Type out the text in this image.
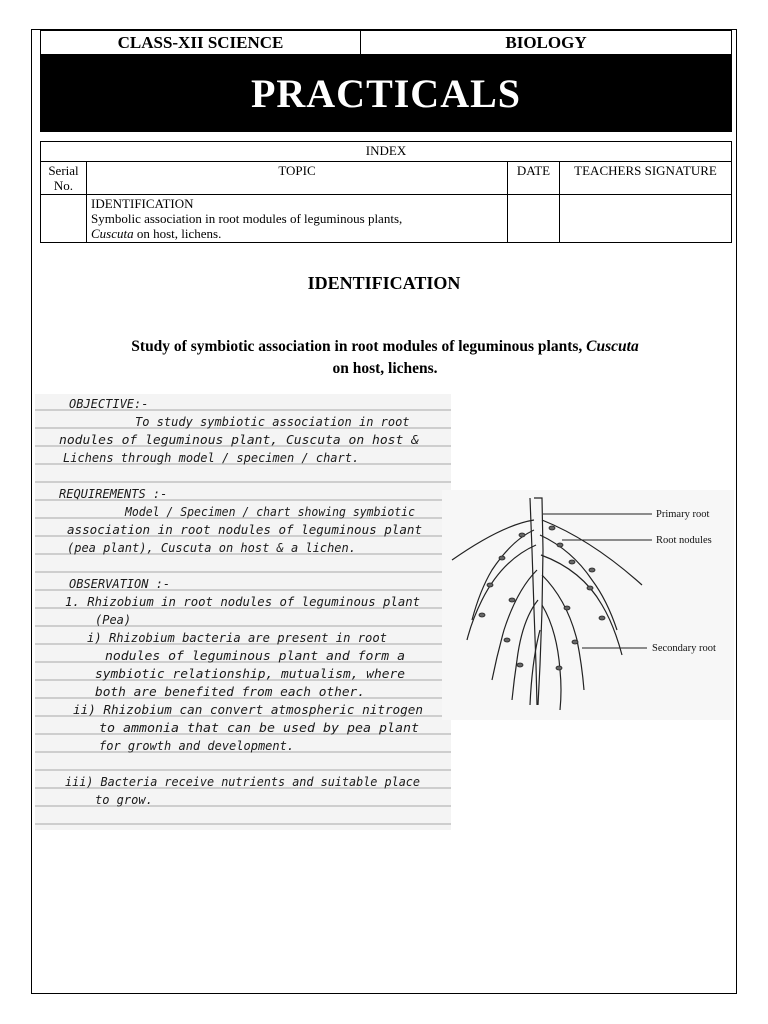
CLASS-XII SCIENCE	BIOLOGY
PRACTICALS
INDEX			
Serial No.	TOPIC	DATE	TEACHERS SIGNATURE

	IDENTIFICATION
Symbolic association in root modules of leguminous plants,
Cuscuta on host, lichens.		

IDENTIFICATION
Study of symbiotic association in root modules of leguminous plants, Cuscuta
on host, lichens.
OBJECTIVE:-
To study symbiotic association in root
nodules of leguminous plant, Cuscuta on host &
Lichens through model / specimen / chart.
REQUIREMENTS :-
Model / Specimen / chart showing symbiotic
association in root nodules of leguminous plant
(pea plant), Cuscuta on host & a lichen.
OBSERVATION :-
1. Rhizobium in root nodules of leguminous plant
(Pea)
i) Rhizobium bacteria are present in root
nodules of leguminous plant and form a
symbiotic relationship, mutualism, where
both are benefited from each other.
ii) Rhizobium can convert atmospheric nitrogen
to ammonia that can be used by pea plant
for growth and development.
iii) Bacteria receive nutrients and suitable place
to grow.
Primary root
Root nodules
Secondary root
